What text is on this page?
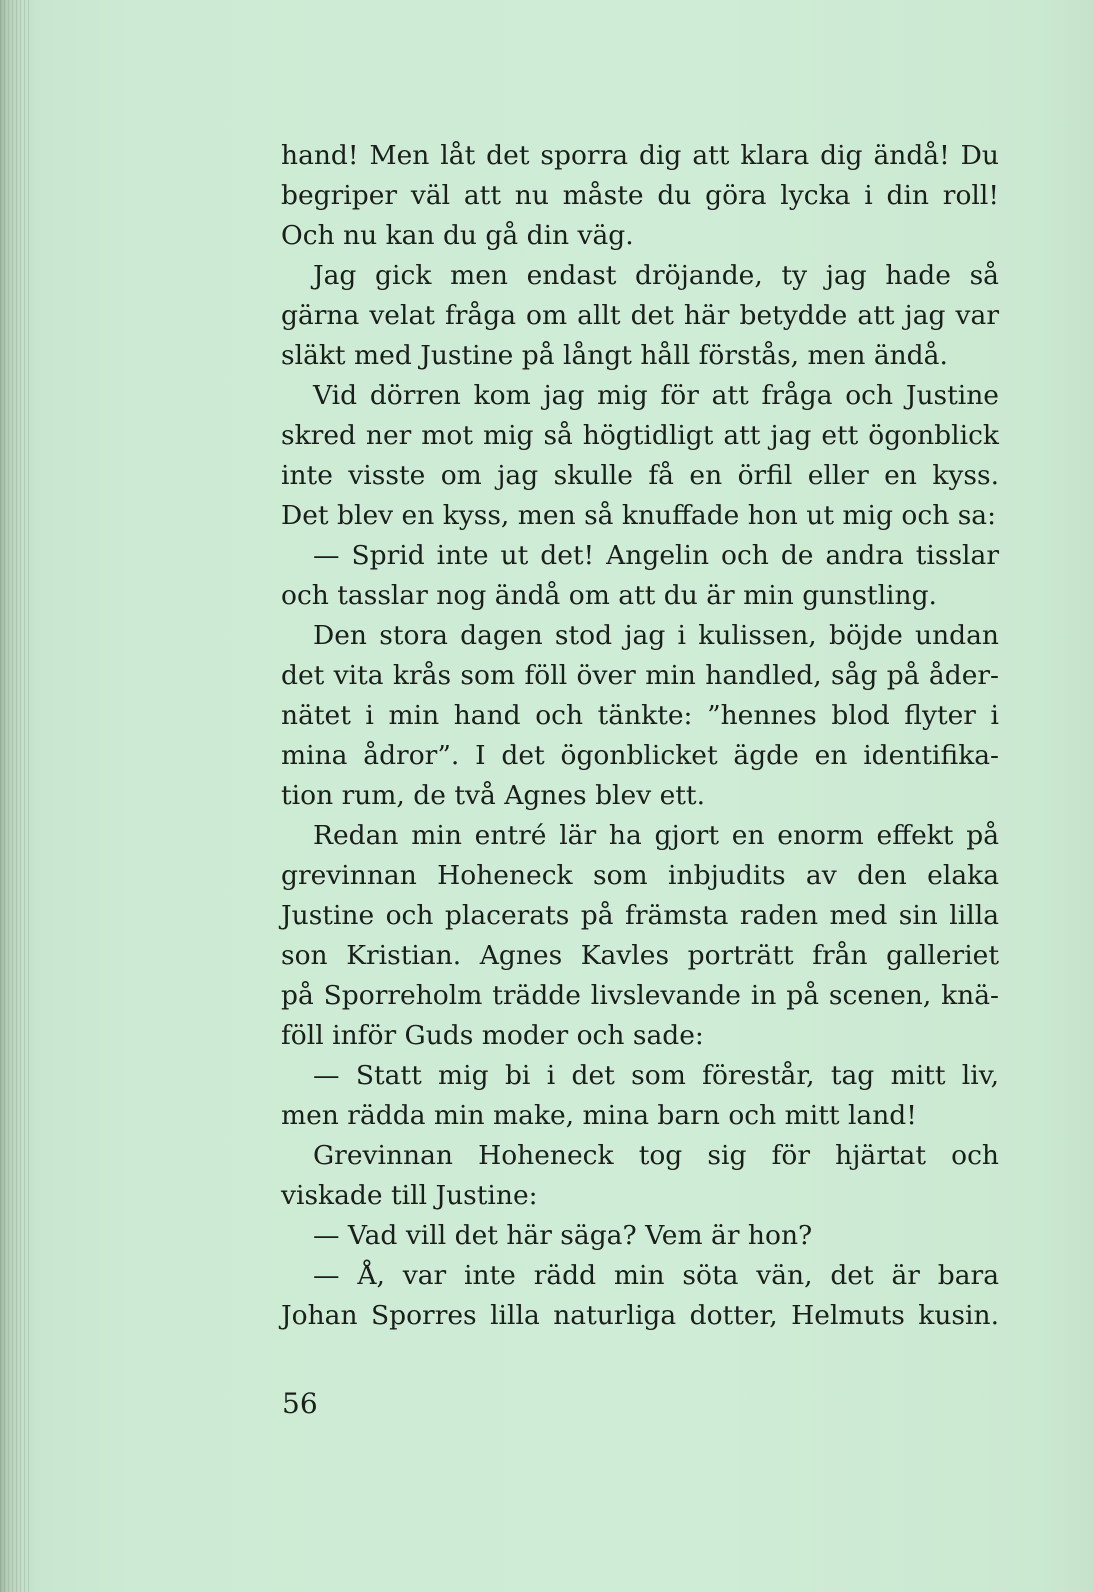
hand! Men låt det sporra dig att klara dig ändå! Du
begriper väl att nu måste du göra lycka i din roll!
Och nu kan du gå din väg.
Jag gick men endast dröjande, ty jag hade så
gärna velat fråga om allt det här betydde att jag var
släkt med Justine på långt håll förstås, men ändå.
Vid dörren kom jag mig för att fråga och Justine
skred ner mot mig så högtidligt att jag ett ögonblick
inte visste om jag skulle få en örfil eller en kyss.
Det blev en kyss, men så knuffade hon ut mig och sa:
— Sprid inte ut det! Angelin och de andra tisslar
och tasslar nog ändå om att du är min gunstling.
Den stora dagen stod jag i kulissen, böjde undan
det vita krås som föll över min handled, såg på åder-
nätet i min hand och tänkte: ”hennes blod flyter i
mina ådror”. I det ögonblicket ägde en identifika-
tion rum, de två Agnes blev ett.
Redan min entré lär ha gjort en enorm effekt på
grevinnan Hoheneck som inbjudits av den elaka
Justine och placerats på främsta raden med sin lilla
son Kristian. Agnes Kavles porträtt från galleriet
på Sporreholm trädde livslevande in på scenen, knä-
föll inför Guds moder och sade:
— Statt mig bi i det som förestår, tag mitt liv,
men rädda min make, mina barn och mitt land!
Grevinnan Hoheneck tog sig för hjärtat och
viskade till Justine:
— Vad vill det här säga? Vem är hon?
— Å, var inte rädd min söta vän, det är bara
Johan Sporres lilla naturliga dotter, Helmuts kusin.
56
